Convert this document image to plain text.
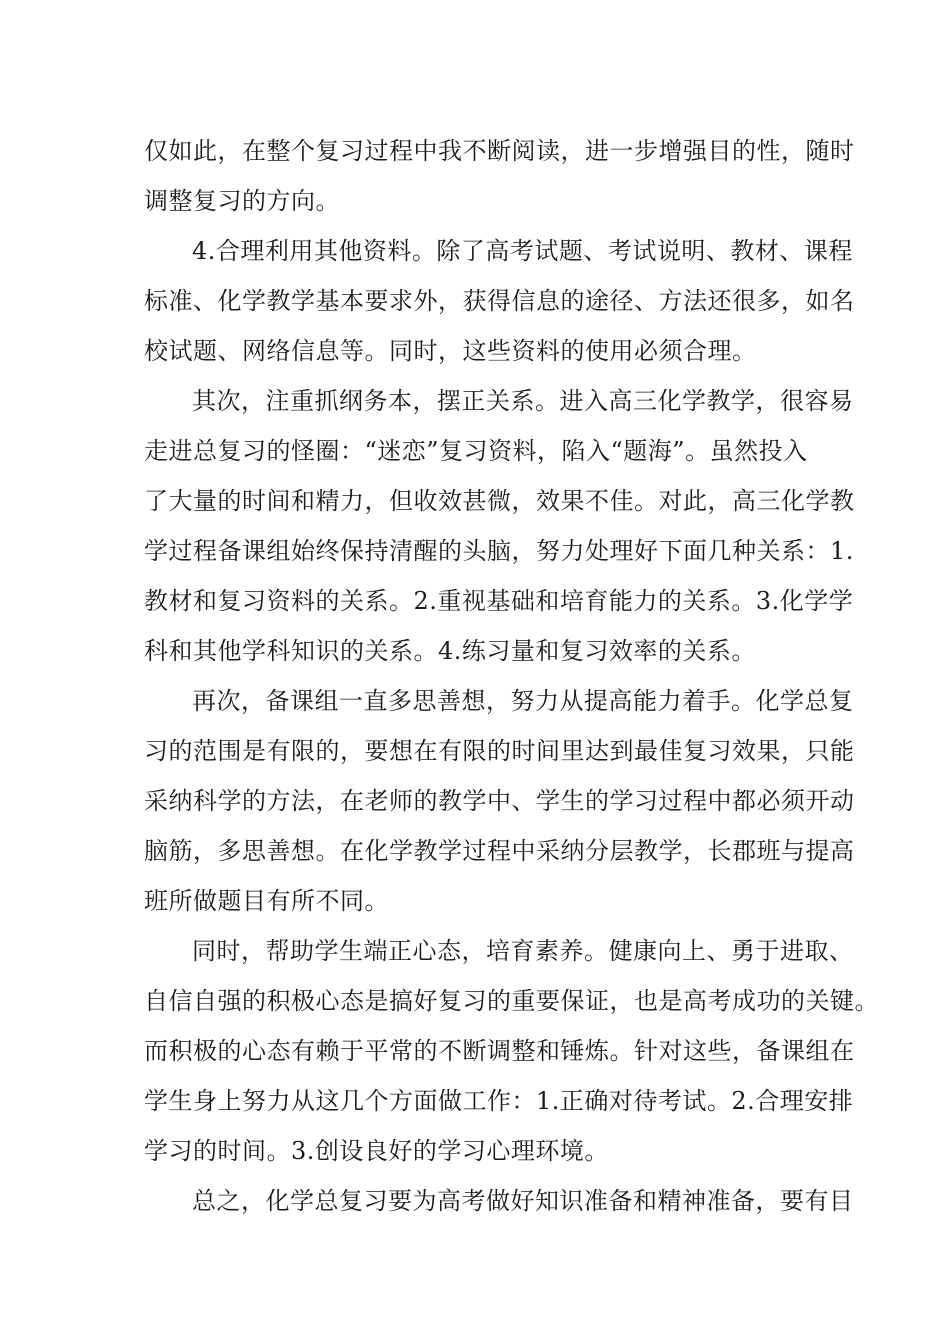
仅如此，在整个复习过程中我不断阅读，进一步增强目的性，随时
调整复习的方向。
4.合理利用其他资料。除了高考试题、考试说明、教材、课程
标准、化学教学基本要求外，获得信息的途径、方法还很多，如名
校试题、网络信息等。同时，这些资料的使用必须合理。
其次，注重抓纲务本，摆正关系。进入高三化学教学，很容易
走进总复习的怪圈：“迷恋”复习资料，陷入“题海”。虽然投入
了大量的时间和精力，但收效甚微，效果不佳。对此，高三化学教
学过程备课组始终保持清醒的头脑，努力处理好下面几种关系：1.
教材和复习资料的关系。2.重视基础和培育能力的关系。3.化学学
科和其他学科知识的关系。4.练习量和复习效率的关系。
再次，备课组一直多思善想，努力从提高能力着手。化学总复
习的范围是有限的，要想在有限的时间里达到最佳复习效果，只能
采纳科学的方法，在老师的教学中、学生的学习过程中都必须开动
脑筋，多思善想。在化学教学过程中采纳分层教学，长郡班与提高
班所做题目有所不同。
同时，帮助学生端正心态，培育素养。健康向上、勇于进取、
自信自强的积极心态是搞好复习的重要保证，也是高考成功的关键。
而积极的心态有赖于平常的不断调整和锤炼。针对这些，备课组在
学生身上努力从这几个方面做工作：1.正确对待考试。2.合理安排
学习的时间。3.创设良好的学习心理环境。
总之，化学总复习要为高考做好知识准备和精神准备，要有目
